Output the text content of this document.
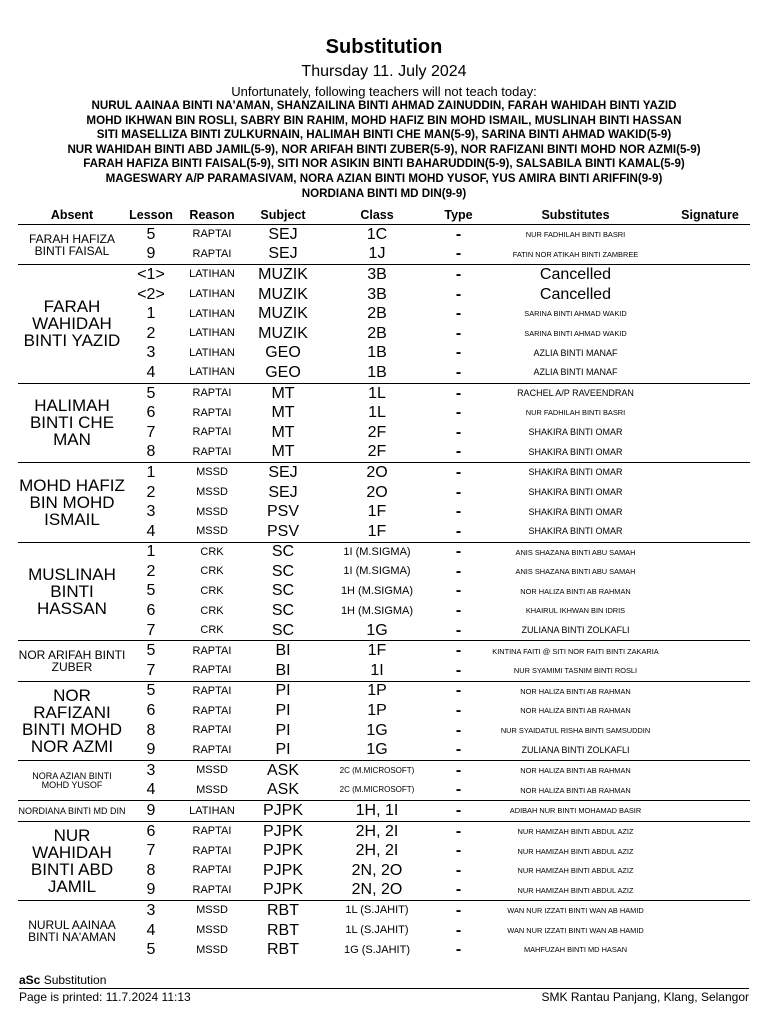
Substitution
Thursday 11. July 2024
Unfortunately, following teachers will not teach today:
NURUL AAINAA BINTI NA'AMAN, SHANZAILINA BINTI AHMAD ZAINUDDIN, FARAH WAHIDAH BINTI YAZID
MOHD IKHWAN BIN ROSLI, SABRY BIN RAHIM, MOHD HAFIZ BIN MOHD ISMAIL, MUSLINAH BINTI HASSAN
SITI MASELLIZA BINTI ZULKURNAIN, HALIMAH BINTI CHE MAN(5-9), SARINA BINTI AHMAD WAKID(5-9)
NUR WAHIDAH BINTI ABD JAMIL(5-9), NOR ARIFAH BINTI ZUBER(5-9), NOR RAFIZANI BINTI MOHD NOR AZMI(5-9)
FARAH HAFIZA BINTI FAISAL(5-9), SITI NOR ASIKIN BINTI BAHARUDDIN(5-9), SALSABILA BINTI KAMAL(5-9)
MAGESWARY A/P PARAMASIVAM, NORA AZIAN BINTI MOHD YUSOF, YUS AMIRA BINTI ARIFFIN(9-9)
NORDIANA BINTI MD DIN(9-9)
Absent	Lesson	Reason	Subject	Class	Type	Substitutes	Signature
FARAH HAFIZA BINTI FAISAL	5	RAPTAI	SEJ	1C	-	NUR FADHILAH BINTI BASRI	
	9	RAPTAI	SEJ	1J	-	FATIN NOR ATIKAH BINTI ZAMBREE	
FARAH WAHIDAH BINTI YAZID	<1>	LATIHAN	MUZIK	3B	-	Cancelled	
	<2>	LATIHAN	MUZIK	3B	-	Cancelled	
	1	LATIHAN	MUZIK	2B	-	SARINA BINTI AHMAD WAKID	
	2	LATIHAN	MUZIK	2B	-	SARINA BINTI AHMAD WAKID	
	3	LATIHAN	GEO	1B	-	AZLIA BINTI MANAF	
	4	LATIHAN	GEO	1B	-	AZLIA BINTI MANAF	
HALIMAH BINTI CHE MAN	5	RAPTAI	MT	1L	-	RACHEL A/P RAVEENDRAN	
	6	RAPTAI	MT	1L	-	NUR FADHILAH BINTI BASRI	
	7	RAPTAI	MT	2F	-	SHAKIRA BINTI OMAR	
	8	RAPTAI	MT	2F	-	SHAKIRA BINTI OMAR	
MOHD HAFIZ BIN MOHD ISMAIL	1	MSSD	SEJ	2O	-	SHAKIRA BINTI OMAR	
	2	MSSD	SEJ	2O	-	SHAKIRA BINTI OMAR	
	3	MSSD	PSV	1F	-	SHAKIRA BINTI OMAR	
	4	MSSD	PSV	1F	-	SHAKIRA BINTI OMAR	
MUSLINAH BINTI HASSAN	1	CRK	SC	1I (M.SIGMA)	-	ANIS SHAZANA BINTI ABU SAMAH	
	2	CRK	SC	1I (M.SIGMA)	-	ANIS SHAZANA BINTI ABU SAMAH	
	5	CRK	SC	1H (M.SIGMA)	-	NOR HALIZA BINTI AB RAHMAN	
	6	CRK	SC	1H (M.SIGMA)	-	KHAIRUL IKHWAN BIN IDRIS	
	7	CRK	SC	1G	-	ZULIANA BINTI ZOLKAFLI	
NOR ARIFAH BINTI ZUBER	5	RAPTAI	BI	1F	-	KINTINA FAITI @ SITI NOR FAITI BINTI ZAKARIA	
	7	RAPTAI	BI	1I	-	NUR SYAMIMI TASNIM BINTI ROSLI	
NOR RAFIZANI BINTI MOHD NOR AZMI	5	RAPTAI	PI	1P	-	NOR HALIZA BINTI AB RAHMAN	
	6	RAPTAI	PI	1P	-	NOR HALIZA BINTI AB RAHMAN	
	8	RAPTAI	PI	1G	-	NUR SYAIDATUL RISHA BINTI SAMSUDDIN	
	9	RAPTAI	PI	1G	-	ZULIANA BINTI ZOLKAFLI	
NORA AZIAN BINTI MOHD YUSOF	3	MSSD	ASK	2C (M.MICROSOFT)	-	NOR HALIZA BINTI AB RAHMAN	
	4	MSSD	ASK	2C (M.MICROSOFT)	-	NOR HALIZA BINTI AB RAHMAN	
NORDIANA BINTI MD DIN	9	LATIHAN	PJPK	1H, 1I	-	ADIBAH NUR BINTI MOHAMAD BASIR	
NUR WAHIDAH BINTI ABD JAMIL	6	RAPTAI	PJPK	2H, 2I	-	NUR HAMIZAH BINTI ABDUL AZIZ	
	7	RAPTAI	PJPK	2H, 2I	-	NUR HAMIZAH BINTI ABDUL AZIZ	
	8	RAPTAI	PJPK	2N, 2O	-	NUR HAMIZAH BINTI ABDUL AZIZ	
	9	RAPTAI	PJPK	2N, 2O	-	NUR HAMIZAH BINTI ABDUL AZIZ	
NURUL AAINAA BINTI NA'AMAN	3	MSSD	RBT	1L (S.JAHIT)	-	WAN NUR IZZATI BINTI WAN AB HAMID	
	4	MSSD	RBT	1L (S.JAHIT)	-	WAN NUR IZZATI BINTI WAN AB HAMID	
	5	MSSD	RBT	1G (S.JAHIT)	-	MAHFUZAH BINTI MD HASAN	
aSc Substitution
Page is printed: 11.7.2024 11:13	SMK Rantau Panjang, Klang, Selangor
